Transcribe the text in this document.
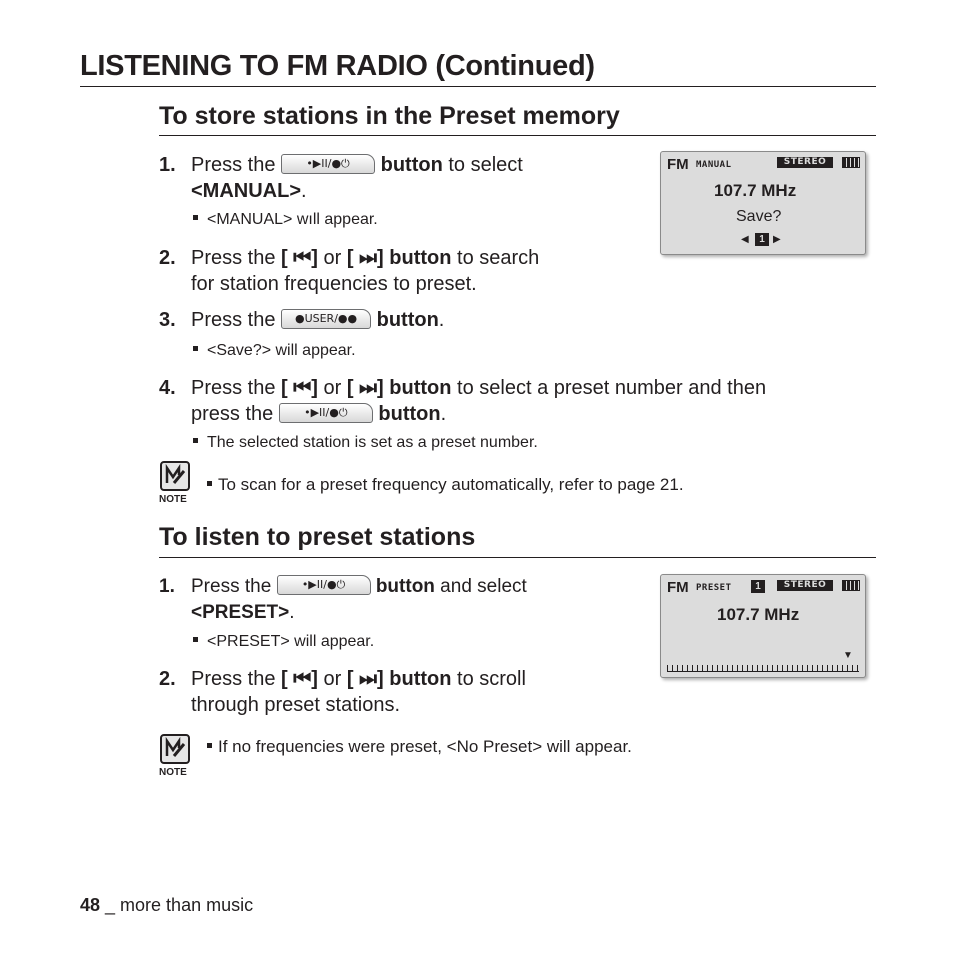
LISTENING TO FM RADIO (Continued)
To store stations in the Preset memory
1. Press the	•▶II/●⏻ button to select
<MANUAL>.
<MANUAL> wıll appear.
2. Press the [ ⏮] or [ ⏭] button to search
for station frequencies to preset.
3. Press the ●USER/●● button.
<Save?> will appear.
4. Press the [ ⏮] or [ ⏭] button to select a preset number and then
press the	•▶II/●⏻ button.
The selected station is set as a preset number.
NOTE
To scan for a preset frequency automatically, refer to page 21.
FM MANUAL	STEREO
107.7 MHz
Save?
◀	1 ▶
To listen to preset stations
1. Press the	•▶II/●⏻ button and select
<PRESET>.
<PRESET> will appear.
2. Press the [ ⏮] or [ ⏭] button to scroll
through preset stations.
NOTE
If no frequencies were preset, <No Preset> will appear.
FM PRESET	1	STEREO
107.7 MHz
▼
48 _ more than music
